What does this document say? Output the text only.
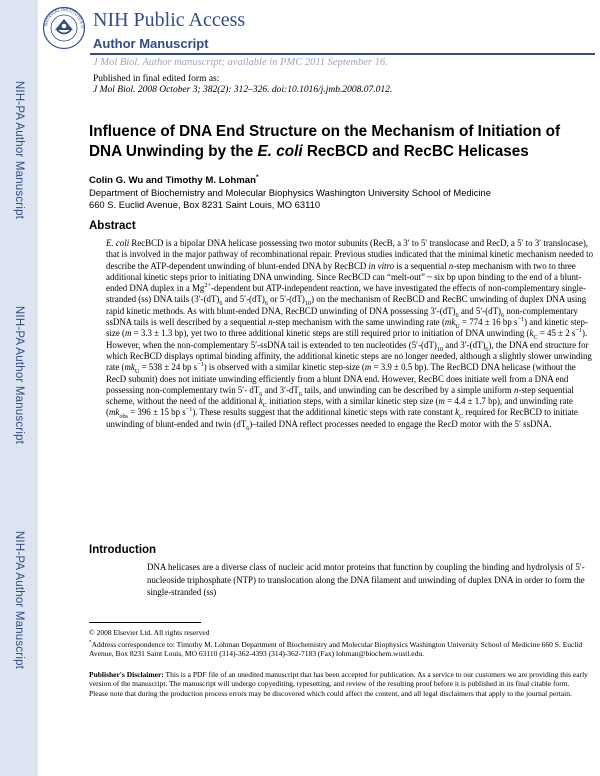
NIH-PA Author Manuscript
NIH-PA Author Manuscript
NIH-PA Author Manuscript
NATIONAL INSTITUTES O NIH Public Access
Author Manuscript
J Mol Biol. Author manuscript; available in PMC 2011 September 16.
Published in final edited form as:
J Mol Biol. 2008 October 3; 382(2): 312–326. doi:10.1016/j.jmb.2008.07.012.
Influence of DNA End Structure on the Mechanism of Initiation of DNA Unwinding by the E. coli RecBCD and RecBC Helicases
Colin G. Wu and Timothy M. Lohman*
Department of Biochemistry and Molecular Biophysics Washington University School of Medicine
660 S. Euclid Avenue, Box 8231 Saint Louis, MO 63110
Abstract

E. coli RecBCD is a bipolar DNA helicase possessing two motor subunits (RecB, a 3′ to 5′ translocase and RecD, a 5′ to 3′ translocase), that is involved in the major pathway of recombinational repair. Previous studies indicated that the minimal kinetic mechanism needed to describe the ATP-dependent unwinding of blunt-ended DNA by RecBCD in vitro is a sequential n-step mechanism with two to three additional kinetic steps prior to initiating DNA unwinding. Since RecBCD can “melt-out” ~ six bp upon binding to the end of a blunt-ended DNA duplex in a $Mg^{2+}$-dependent but ATP-independent reaction, we have investigated the effects of non-complementary single-stranded (ss) DNA tails ($3'-(dT)_6$ and $5'-(dT)_6$ or $5'-(dT)_{10}$) on the mechanism of RecBCD and RecBC unwinding of duplex DNA using rapid kinetic methods. As with blunt-ended DNA, RecBCD unwinding of DNA possessing $3'-(dT)_6$ and $5'-(dT)_6$ non-complementary ssDNA tails is well described by a sequential n-step mechanism with the same unwinding rate ($mk_U = 774 \pm 16$ bp $s^{-1}$) and kinetic step-size (m = 3.3 ± 1.3 bp), yet two to three additional kinetic steps are still required prior to initiation of DNA unwinding ($k_C = 45 \pm 2$ $s^{-1}$). However, when the non-complementary 5′-ssDNA tail is extended to ten nucleotides ($5'-(dT)_{10}$ and $3'-(dT)_6$), the DNA end structure for which RecBCD displays optimal binding affinity, the additional kinetic steps are no longer needed, although a slightly slower unwinding rate ($mk_U = 538 \pm 24$ bp $s^{-1}$) is observed with a similar kinetic step-size (m = 3.9 ± 0.5 bp). The RecBCD DNA helicase (without the RecD subunit) does not initiate unwinding efficiently from a blunt DNA end. However, RecBC does initiate well from a DNA end possessing non-complementary twin 5′- $dT_6$ and $3'-dT_6$ tails, and unwinding can be described by a simple uniform n-step sequential scheme, without the need of the additional $k_C$ initiation steps, with a similar kinetic step size (m = 4.4 ± 1.7 bp), and unwinding rate ($mk_{obs} = 396 \pm 15$ bp $s^{-1}$). These results suggest that the additional kinetic steps with rate constant $k_C$ required for RecBCD to initiate unwinding of blunt-ended and twin $(dT_6)$–tailed DNA reflect processes needed to engage the RecD motor with the 5′ ssDNA.

Introduction

DNA helicases are a diverse class of nucleic acid motor proteins that function by coupling the binding and hydrolysis of 5′-nucleoside triphosphate (NTP) to translocation along the DNA filament and unwinding of duplex DNA in order to form the single-stranded (ss)

© 2008 Elsevier Ltd. All rights reserved
*Address correspondence to: Timothy M. Lohman Department of Biochemistry and Molecular Biophysics Washington University School of Medicine 660 S. Euclid Avenue, Box 8231 Saint Louis, MO 63110 (314)-362-4393 (314)-362-7183 (Fax) lohman@biochem.wustl.edu.
Publisher's Disclaimer: This is a PDF file of an unedited manuscript that has been accepted for publication. As a service to our customers we are providing this early version of the manuscript. The manuscript will undergo copyediting, typesetting, and review of the resulting proof before it is published in its final citable form. Please note that during the production process errors may be discovered which could affect the content, and all legal disclaimers that apply to the journal pertain.
